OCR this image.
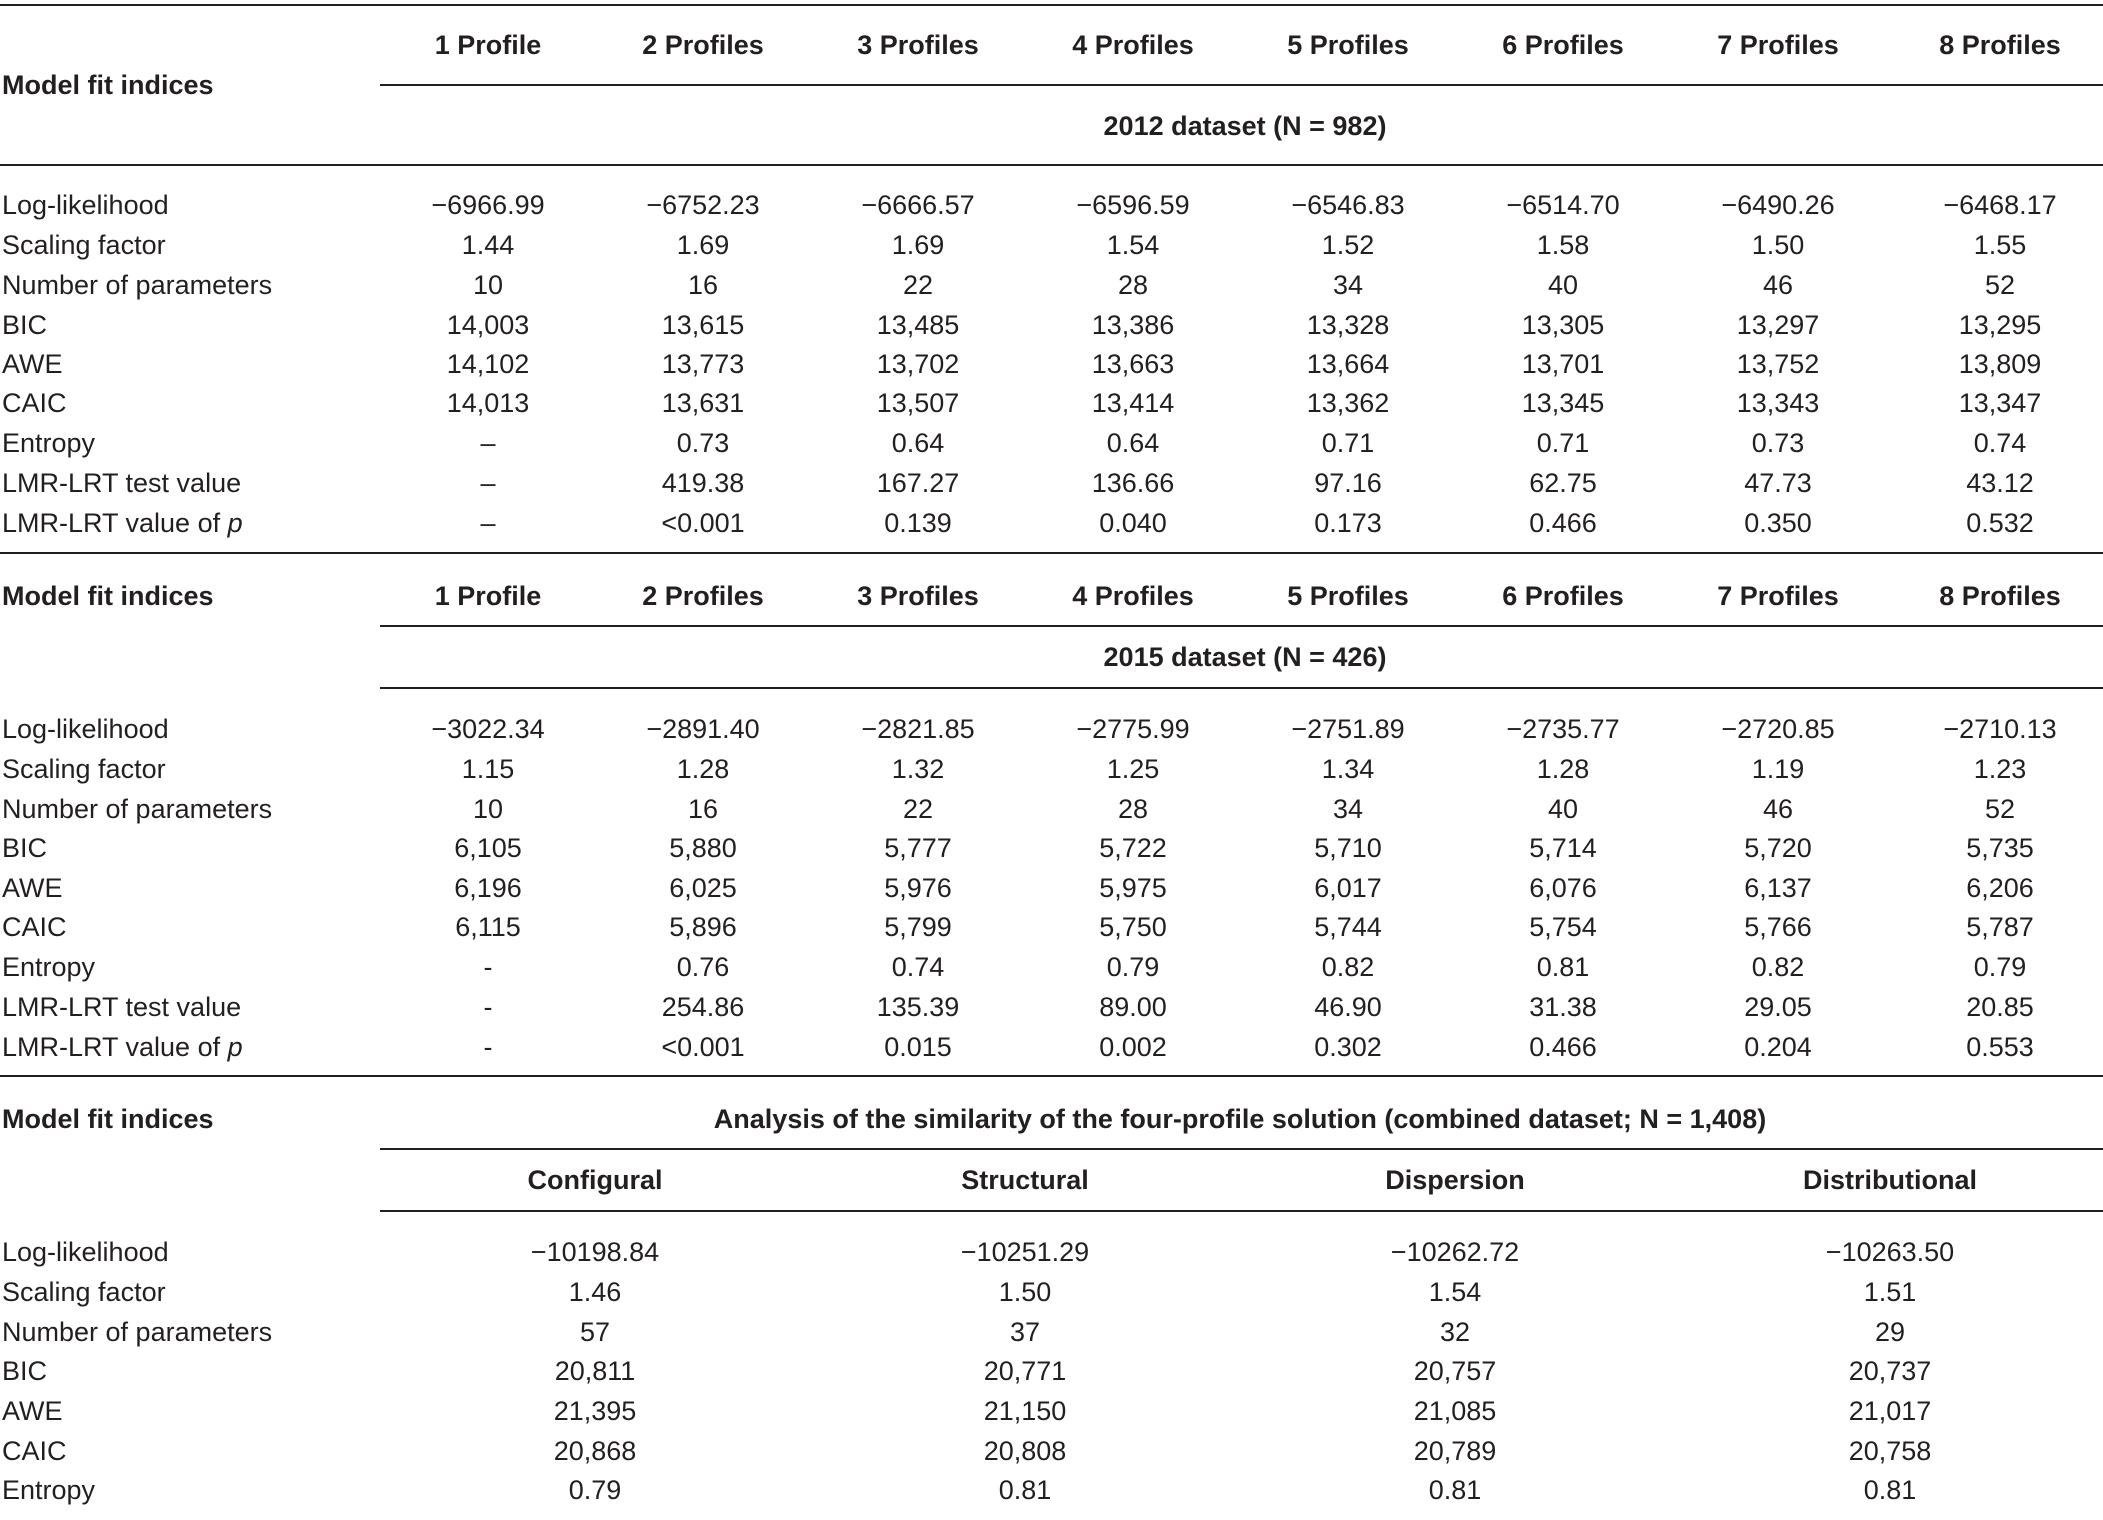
Model fit indices
1 Profile	2 Profiles	3 Profiles	4 Profiles	5 Profiles	6 Profiles	7 Profiles	8 Profiles
2012 dataset (N = 982)
Log-likelihood	−6966.99	−6752.23	−6666.57	−6596.59	−6546.83	−6514.70	−6490.26	−6468.17
Scaling factor	1.44	1.69	1.69	1.54	1.52	1.58	1.50	1.55
Number of parameters	10	16	22	28	34	40	46	52
BIC	14,003	13,615	13,485	13,386	13,328	13,305	13,297	13,295
AWE	14,102	13,773	13,702	13,663	13,664	13,701	13,752	13,809
CAIC	14,013	13,631	13,507	13,414	13,362	13,345	13,343	13,347
Entropy	–	0.73	0.64	0.64	0.71	0.71	0.73	0.74
LMR-LRT test value	–	419.38	167.27	136.66	97.16	62.75	47.73	43.12
LMR-LRT value of p	–	<0.001	0.139	0.040	0.173	0.466	0.350	0.532
Model fit indices	1 Profile	2 Profiles	3 Profiles	4 Profiles	5 Profiles	6 Profiles	7 Profiles	8 Profiles
2015 dataset (N = 426)
Log-likelihood	−3022.34	−2891.40	−2821.85	−2775.99	−2751.89	−2735.77	−2720.85	−2710.13
Scaling factor	1.15	1.28	1.32	1.25	1.34	1.28	1.19	1.23
Number of parameters	10	16	22	28	34	40	46	52
BIC	6,105	5,880	5,777	5,722	5,710	5,714	5,720	5,735
AWE	6,196	6,025	5,976	5,975	6,017	6,076	6,137	6,206
CAIC	6,115	5,896	5,799	5,750	5,744	5,754	5,766	5,787
Entropy	-	0.76	0.74	0.79	0.82	0.81	0.82	0.79
LMR-LRT test value	-	254.86	135.39	89.00	46.90	31.38	29.05	20.85
LMR-LRT value of p	-	<0.001	0.015	0.002	0.302	0.466	0.204	0.553
Model fit indices	Analysis of the similarity of the four-profile solution (combined dataset; N = 1,408)
Configural	Structural	Dispersion	Distributional
Log-likelihood	−10198.84	−10251.29	−10262.72	−10263.50
Scaling factor	1.46	1.50	1.54	1.51
Number of parameters	57	37	32	29
BIC	20,811	20,771	20,757	20,737
AWE	21,395	21,150	21,085	21,017
CAIC	20,868	20,808	20,789	20,758
Entropy	0.79	0.81	0.81	0.81
